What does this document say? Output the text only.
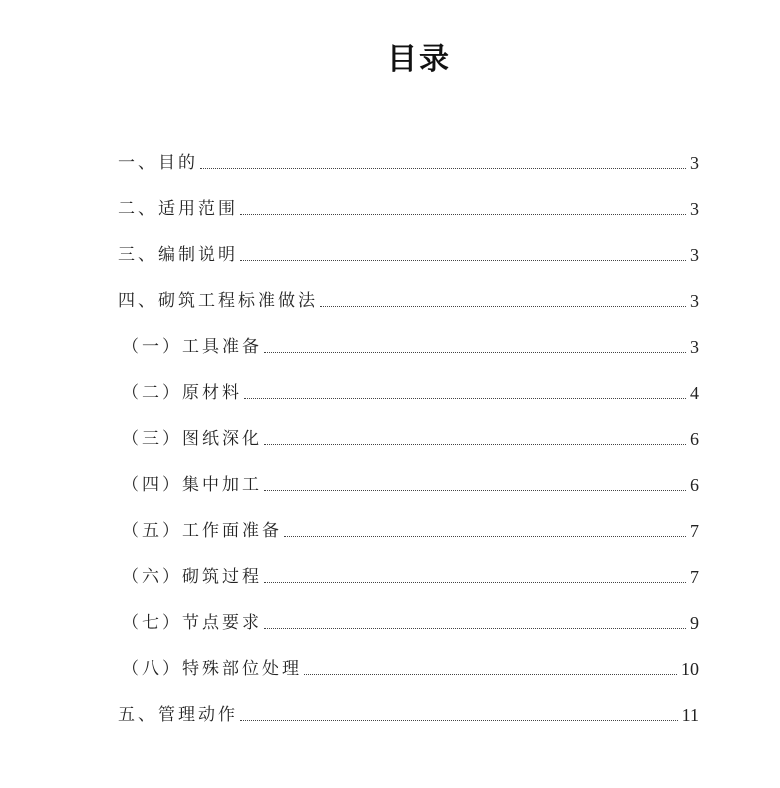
目录
一、目的	3
二、适用范围	3
三、编制说明	3
四、砌筑工程标准做法	3
（一）工具准备	3
（二）原材料	4
（三）图纸深化	6
（四）集中加工	6
（五）工作面准备	7
（六）砌筑过程	7
（七）节点要求	9
（八）特殊部位处理	10
五、管理动作	11
